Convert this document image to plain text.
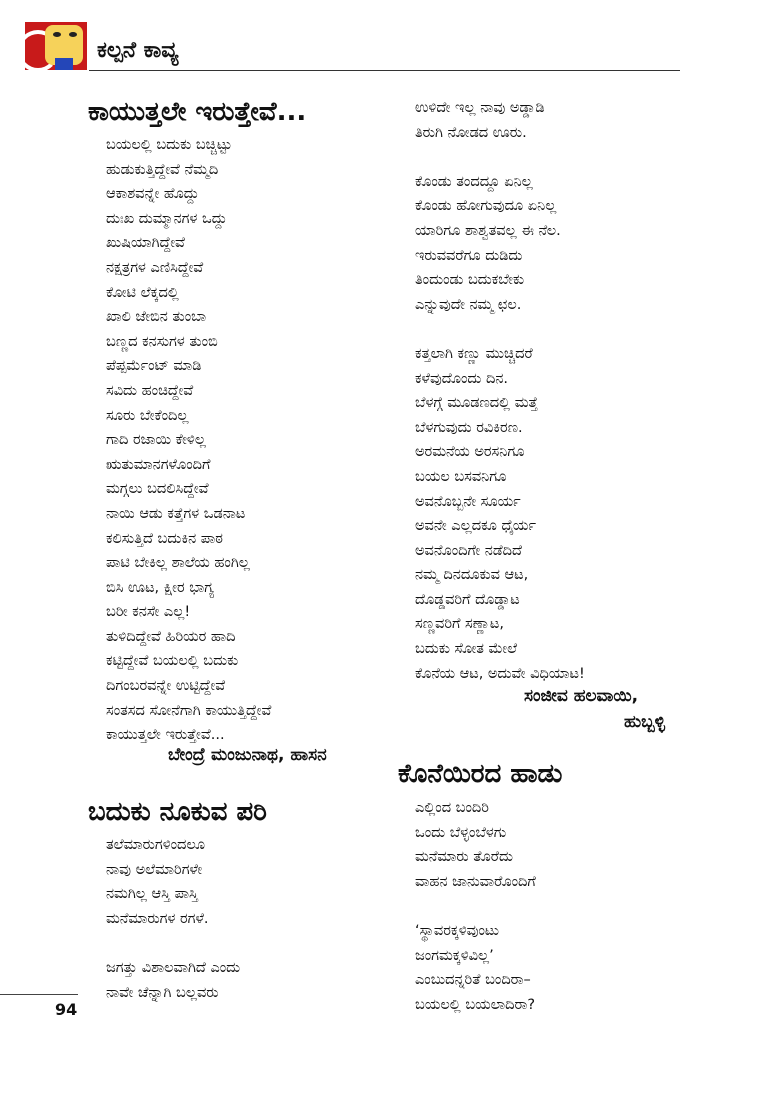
ಕಲ್ಪನೆ ಕಾವ್ಯ
ಕಾಯುತ್ತಲೇ ಇರುತ್ತೇವೆ...
ಬಯಲಲ್ಲಿ ಬದುಕು ಬಚ್ಚಿಟ್ಟು
ಹುಡುಕುತ್ತಿದ್ದೇವೆ ನೆಮ್ಮದಿ
ಆಕಾಶವನ್ನೇ ಹೊದ್ದು
ದುಃಖ ದುಮ್ಮಾನಗಳ ಒದ್ದು
ಖುಷಿಯಾಗಿದ್ದೇವೆ
ನಕ್ಷತ್ರಗಳ ಎಣಿಸಿದ್ದೇವೆ
ಕೋಟಿ ಲೆಕ್ಕದಲ್ಲಿ
ಖಾಲಿ ಜೇಬಿನ ತುಂಬಾ
ಬಣ್ಣದ ಕನಸುಗಳ ತುಂಬಿ
ಪೆಪ್ಪರ್ಮೆಂಟ್ ಮಾಡಿ
ಸವಿದು ಹಂಚಿದ್ದೇವೆ
ಸೂರು ಬೇಕೆಂದಿಲ್ಲ
ಗಾದಿ ರಜಾಯಿ ಕೇಳಿಲ್ಲ
ಋತುಮಾನಗಳೊಂದಿಗೆ
ಮಗ್ಗಲು ಬದಲಿಸಿದ್ದೇವೆ
ನಾಯಿ ಆಡು ಕತ್ತೆಗಳ ಒಡನಾಟ
ಕಲಿಸುತ್ತಿದೆ ಬದುಕಿನ ಪಾಠ
ಪಾಟಿ ಬೇಕಿಲ್ಲ ಶಾಲೆಯ ಹಂಗಿಲ್ಲ
ಬಿಸಿ ಊಟ, ಕ್ಷೀರ ಭಾಗ್ಯ
ಬರೀ ಕನಸೇ ಎಲ್ಲ!
ತುಳಿದಿದ್ದೇವೆ ಹಿರಿಯರ ಹಾದಿ
ಕಟ್ಟಿದ್ದೇವೆ ಬಯಲಲ್ಲಿ ಬದುಕು
ದಿಗಂಬರವನ್ನೇ ಉಟ್ಟಿದ್ದೇವೆ
ಸಂತಸದ ಸೋನೆಗಾಗಿ ಕಾಯುತ್ತಿದ್ದೇವೆ
ಕಾಯುತ್ತಲೇ ಇರುತ್ತೇವೆ...
ಬೇಂದ್ರೆ ಮಂಜುನಾಥ, ಹಾಸನ
ಬದುಕು ನೂಕುವ ಪರಿ
ತಲೆಮಾರುಗಳಿಂದಲೂ
ನಾವು ಅಲೆಮಾರಿಗಳೇ
ನಮಗಿಲ್ಲ ಆಸ್ತಿ ಪಾಸ್ತಿ
ಮನೆಮಾರುಗಳ ರಗಳೆ.
ಜಗತ್ತು ವಿಶಾಲವಾಗಿದೆ ಎಂದು
ನಾವೇ ಚೆನ್ನಾಗಿ ಬಲ್ಲವರು
ಉಳಿದೇ ಇಲ್ಲ ನಾವು ಅಡ್ಡಾಡಿ
ತಿರುಗಿ ನೋಡದ ಊರು.
ಕೊಂಡು ತಂದದ್ದೂ ಏನಿಲ್ಲ
ಕೊಂಡು ಹೋಗುವುದೂ ಏನಿಲ್ಲ
ಯಾರಿಗೂ ಶಾಶ್ವತವಲ್ಲ ಈ ನೆಲ.
ಇರುವವರೆಗೂ ದುಡಿದು
ತಿಂದುಂಡು ಬದುಕಬೇಕು
ಎನ್ನುವುದೇ ನಮ್ಮ ಛಲ.
ಕತ್ತಲಾಗಿ ಕಣ್ಣು ಮುಚ್ಚಿದರೆ
ಕಳೆವುದೊಂದು ದಿನ.
ಬೆಳಗ್ಗೆ ಮೂಡಣದಲ್ಲಿ ಮತ್ತೆ
ಬೆಳಗುವುದು ರವಿಕಿರಣ.
ಅರಮನೆಯ ಅರಸನಿಗೂ
ಬಯಲ ಬಸವನಿಗೂ
ಅವನೊಬ್ಬನೇ ಸೂರ್ಯ
ಅವನೇ ಎಲ್ಲದಕೂ ಧೈರ್ಯ
ಅವನೊಂದಿಗೇ ನಡೆದಿದೆ
ನಮ್ಮ ದಿನದೂಕುವ ಆಟ,
ದೊಡ್ಡವರಿಗೆ ದೊಡ್ಡಾಟ
ಸಣ್ಣವರಿಗೆ ಸಣ್ಣಾಟ,
ಬದುಕು ಸೋತ ಮೇಲೆ
ಕೊನೆಯ ಆಟ, ಅದುವೇ ವಿಧಿಯಾಟ!
ಸಂಜೀವ ಹಲವಾಯಿ,
ಹುಬ್ಬಳ್ಳಿ
ಕೊನೆಯಿರದ ಹಾಡು
ಎಲ್ಲಿಂದ ಬಂದಿರಿ
ಒಂದು ಬೆಳ್ಳಂಬೆಳಗು
ಮನೆಮಾರು ತೊರೆದು
ವಾಹನ ಜಾನುವಾರೊಂದಿಗೆ
‘ಸ್ಥಾವರಕ್ಕಳಿವುಂಟು
ಜಂಗಮಕ್ಕಳಿವಿಲ್ಲ’
ಎಂಬುದನ್ನರಿತೆ ಬಂದಿರಾ–
ಬಯಲಲ್ಲಿ ಬಯಲಾದಿರಾ?
94
